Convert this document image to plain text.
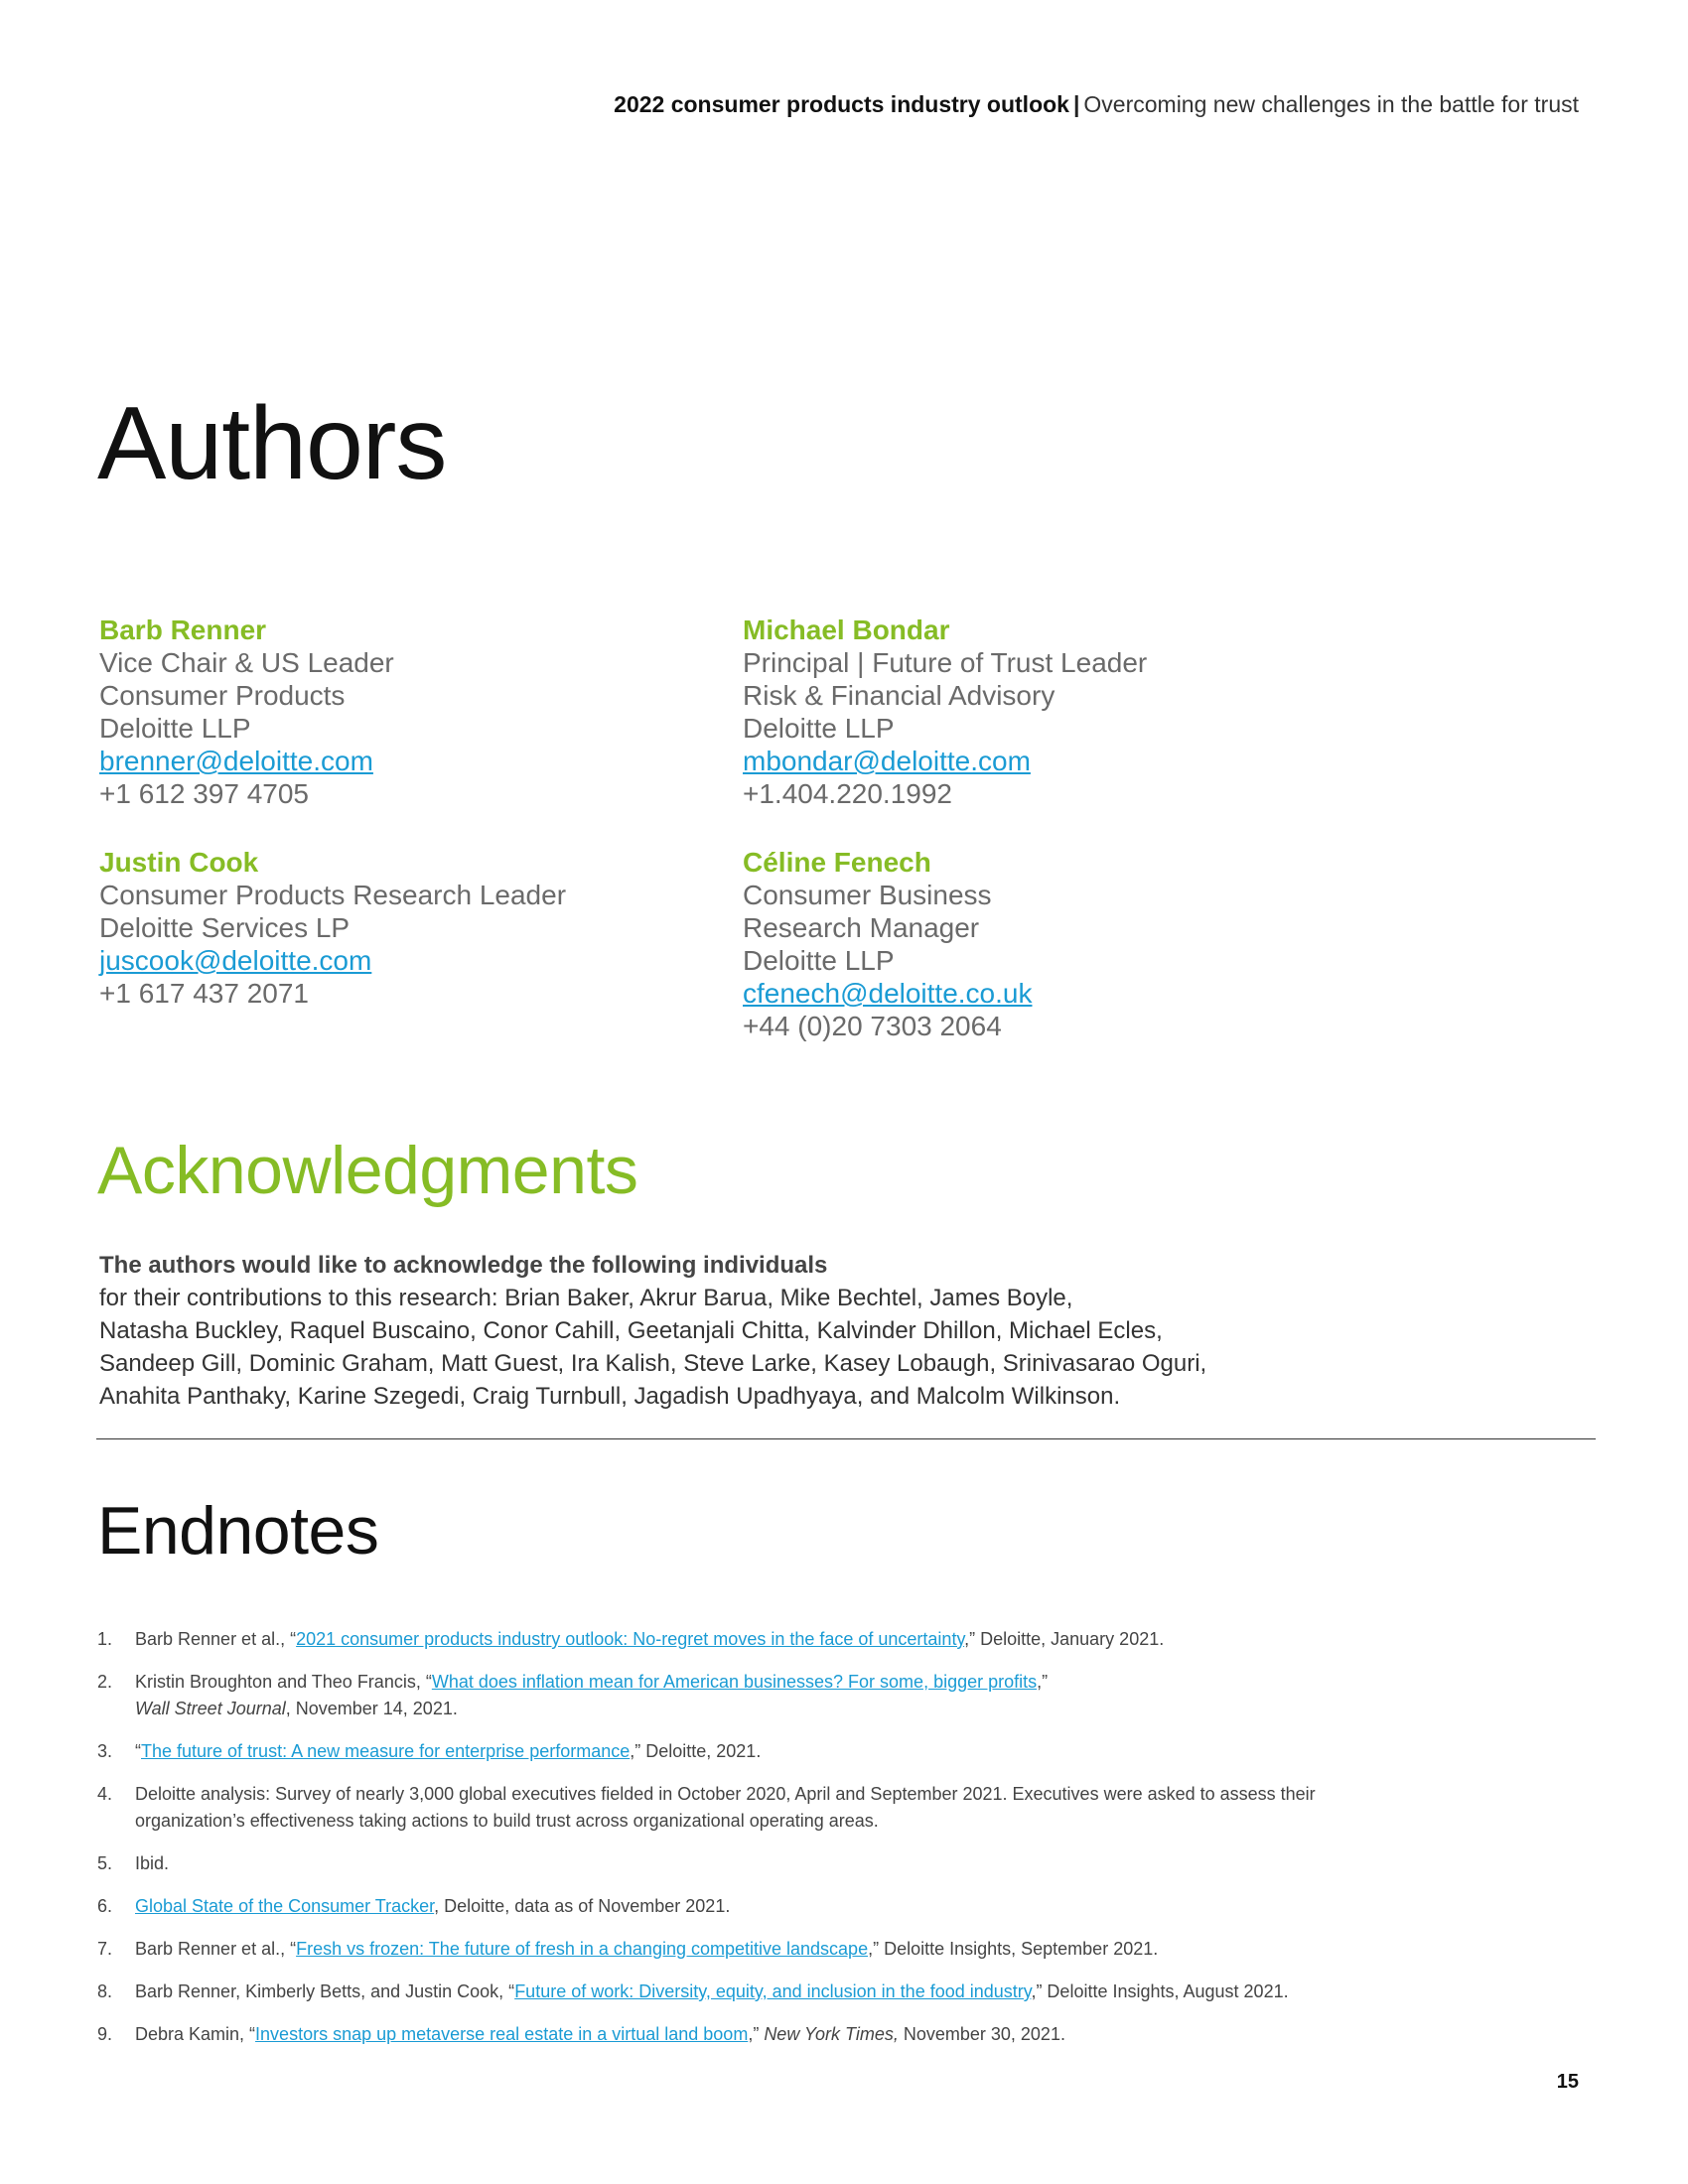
2022 consumer products industry outlook | Overcoming new challenges in the battle for trust
Authors
Barb Renner
Vice Chair & US Leader
Consumer Products
Deloitte LLP
brenner@deloitte.com
+1 612 397 4705
Michael Bondar
Principal | Future of Trust Leader
Risk & Financial Advisory
Deloitte LLP
mbondar@deloitte.com
+1.404.220.1992
Justin Cook
Consumer Products Research Leader
Deloitte Services LP
juscook@deloitte.com
+1 617 437 2071
Céline Fenech
Consumer Business
Research Manager
Deloitte LLP
cfenech@deloitte.co.uk
+44 (0)20 7303 2064
Acknowledgments
The authors would like to acknowledge the following individuals
for their contributions to this research: Brian Baker, Akrur Barua, Mike Bechtel, James Boyle,
Natasha Buckley, Raquel Buscaino, Conor Cahill, Geetanjali Chitta, Kalvinder Dhillon, Michael Ecles,
Sandeep Gill, Dominic Graham, Matt Guest, Ira Kalish, Steve Larke, Kasey Lobaugh, Srinivasarao Oguri,
Anahita Panthaky, Karine Szegedi, Craig Turnbull, Jagadish Upadhyaya, and Malcolm Wilkinson.
Endnotes
1. Barb Renner et al., “2021 consumer products industry outlook: No-regret moves in the face of uncertainty,” Deloitte, January 2021.
2. Kristin Broughton and Theo Francis, “What does inflation mean for American businesses? For some, bigger profits,”
Wall Street Journal, November 14, 2021.
3. “The future of trust: A new measure for enterprise performance,” Deloitte, 2021.
4. Deloitte analysis: Survey of nearly 3,000 global executives fielded in October 2020, April and September 2021. Executives were asked to assess their organization’s effectiveness taking actions to build trust across organizational operating areas.
5. Ibid.
6. Global State of the Consumer Tracker, Deloitte, data as of November 2021.
7. Barb Renner et al., “Fresh vs frozen: The future of fresh in a changing competitive landscape,” Deloitte Insights, September 2021.
8. Barb Renner, Kimberly Betts, and Justin Cook, “Future of work: Diversity, equity, and inclusion in the food industry,” Deloitte Insights, August 2021.
9. Debra Kamin, “Investors snap up metaverse real estate in a virtual land boom,” New York Times, November 30, 2021.
15
